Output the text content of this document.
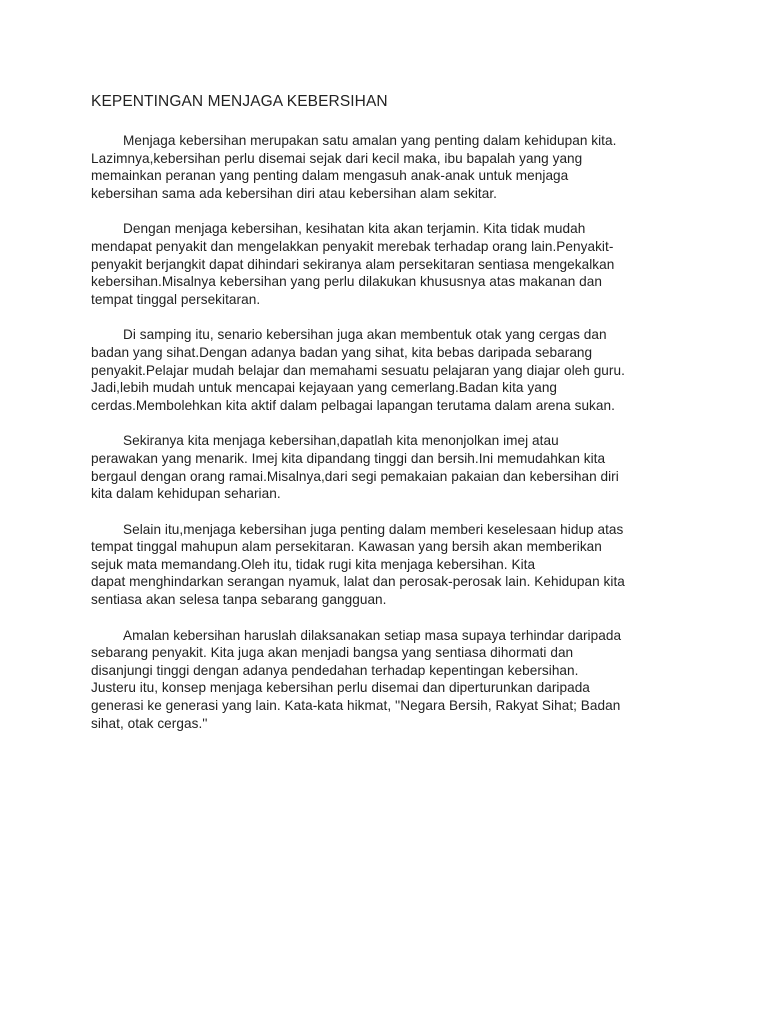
KEPENTINGAN MENJAGA KEBERSIHAN

Menjaga kebersihan merupakan satu amalan yang penting dalam kehidupan kita.
Lazimnya,kebersihan perlu disemai sejak dari kecil maka, ibu bapalah yang yang
memainkan peranan yang penting dalam mengasuh anak-anak untuk menjaga
kebersihan sama ada kebersihan diri atau kebersihan alam sekitar.

Dengan menjaga kebersihan, kesihatan kita akan terjamin. Kita tidak mudah
mendapat penyakit dan mengelakkan penyakit merebak terhadap orang lain.Penyakit-
penyakit berjangkit dapat dihindari sekiranya alam persekitaran sentiasa mengekalkan
kebersihan.Misalnya kebersihan yang perlu dilakukan khususnya atas makanan dan
tempat tinggal persekitaran.

Di samping itu, senario kebersihan juga akan membentuk otak yang cergas dan
badan yang sihat.Dengan adanya badan yang sihat, kita bebas daripada sebarang
penyakit.Pelajar mudah belajar dan memahami sesuatu pelajaran yang diajar oleh guru.
Jadi,lebih mudah untuk mencapai kejayaan yang cemerlang.Badan kita yang
cerdas.Membolehkan kita aktif dalam pelbagai lapangan terutama dalam arena sukan.

Sekiranya kita menjaga kebersihan,dapatlah kita menonjolkan imej atau
perawakan yang menarik. Imej kita dipandang tinggi dan bersih.Ini memudahkan kita
bergaul dengan orang ramai.Misalnya,dari segi pemakaian pakaian dan kebersihan diri
kita dalam kehidupan seharian.

Selain itu,menjaga kebersihan juga penting dalam memberi keselesaan hidup atas
tempat tinggal mahupun alam persekitaran. Kawasan yang bersih akan memberikan
sejuk mata memandang.Oleh itu, tidak rugi kita menjaga kebersihan. Kita
dapat menghindarkan serangan nyamuk, lalat dan perosak-perosak lain. Kehidupan kita
sentiasa akan selesa tanpa sebarang gangguan.

Amalan kebersihan haruslah dilaksanakan setiap masa supaya terhindar daripada
sebarang penyakit. Kita juga akan menjadi bangsa yang sentiasa dihormati dan
disanjungi tinggi dengan adanya pendedahan terhadap kepentingan kebersihan.
Justeru itu, konsep menjaga kebersihan perlu disemai dan diperturunkan daripada
generasi ke generasi yang lain. Kata-kata hikmat, ''Negara Bersih, Rakyat Sihat; Badan
sihat, otak cergas.''
